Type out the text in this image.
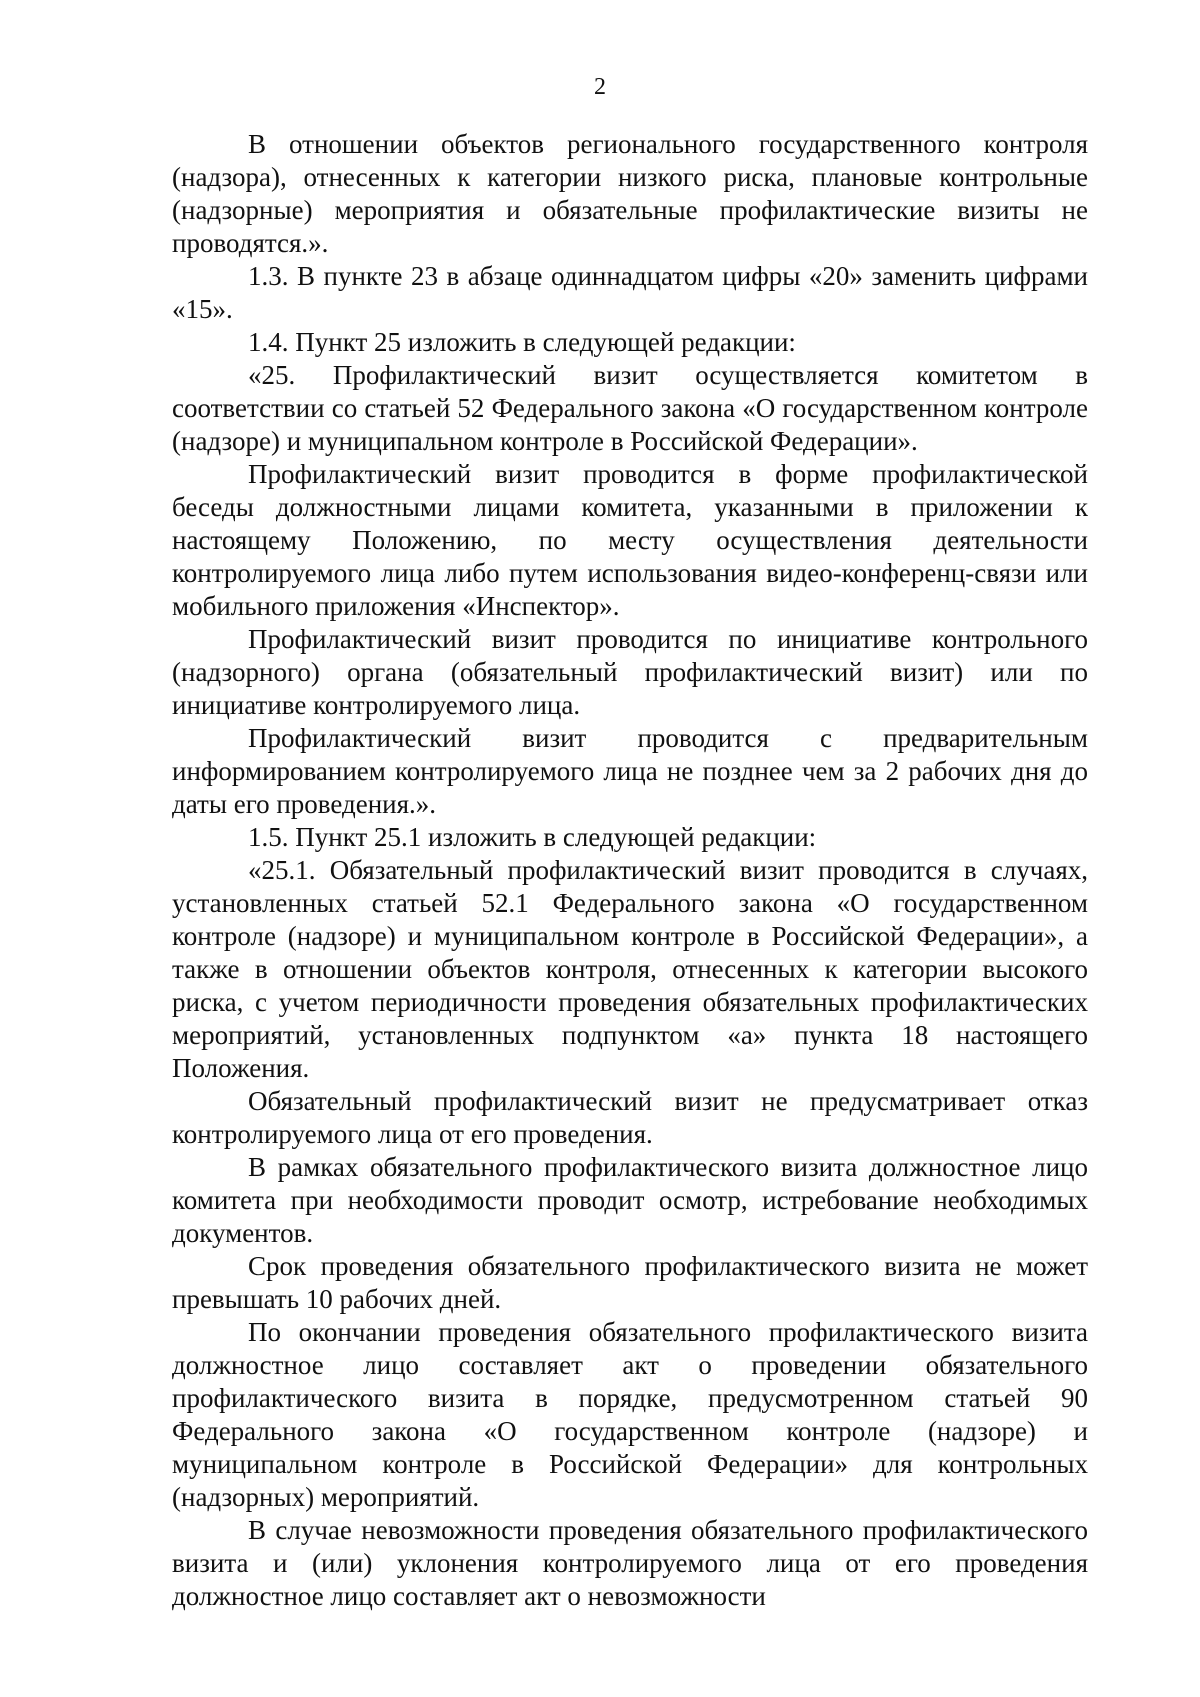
2

В отношении объектов регионального государственного контроля (надзора), отнесенных к категории низкого риска, плановые контрольные (надзорные) мероприятия и обязательные профилактические визиты не проводятся.».

1.3. В пункте 23 в абзаце одиннадцатом цифры «20» заменить цифрами «15».

1.4. Пункт 25 изложить в следующей редакции:

«25. Профилактический визит осуществляется комитетом в соответствии со статьей 52 Федерального закона «О государственном контроле (надзоре) и муниципальном контроле в Российской Федерации».

Профилактический визит проводится в форме профилактической беседы должностными лицами комитета, указанными в приложении к настоящему Положению, по месту осуществления деятельности контролируемого лица либо путем использования видео-конференц-связи или мобильного приложения «Инспектор».

Профилактический визит проводится по инициативе контрольного (надзорного) органа (обязательный профилактический визит) или по инициативе контролируемого лица.

Профилактический визит проводится с предварительным информированием контролируемого лица не позднее чем за 2 рабочих дня до даты его проведения.».

1.5. Пункт 25.1 изложить в следующей редакции:

«25.1. Обязательный профилактический визит проводится в случаях, установленных статьей 52.1 Федерального закона «О государственном контроле (надзоре) и муниципальном контроле в Российской Федерации», а также в отношении объектов контроля, отнесенных к категории высокого риска, с учетом периодичности проведения обязательных профилактических мероприятий, установленных подпунктом «а» пункта 18 настоящего Положения.

Обязательный профилактический визит не предусматривает отказ контролируемого лица от его проведения.

В рамках обязательного профилактического визита должностное лицо комитета при необходимости проводит осмотр, истребование необходимых документов.

Срок проведения обязательного профилактического визита не может превышать 10 рабочих дней.

По окончании проведения обязательного профилактического визита должностное лицо составляет акт о проведении обязательного профилактического визита в порядке, предусмотренном статьей 90 Федерального закона «О государственном контроле (надзоре) и муниципальном контроле в Российской Федерации» для контрольных (надзорных) мероприятий.

В случае невозможности проведения обязательного профилактического визита и (или) уклонения контролируемого лица от его проведения должностное лицо составляет акт о невозможности
